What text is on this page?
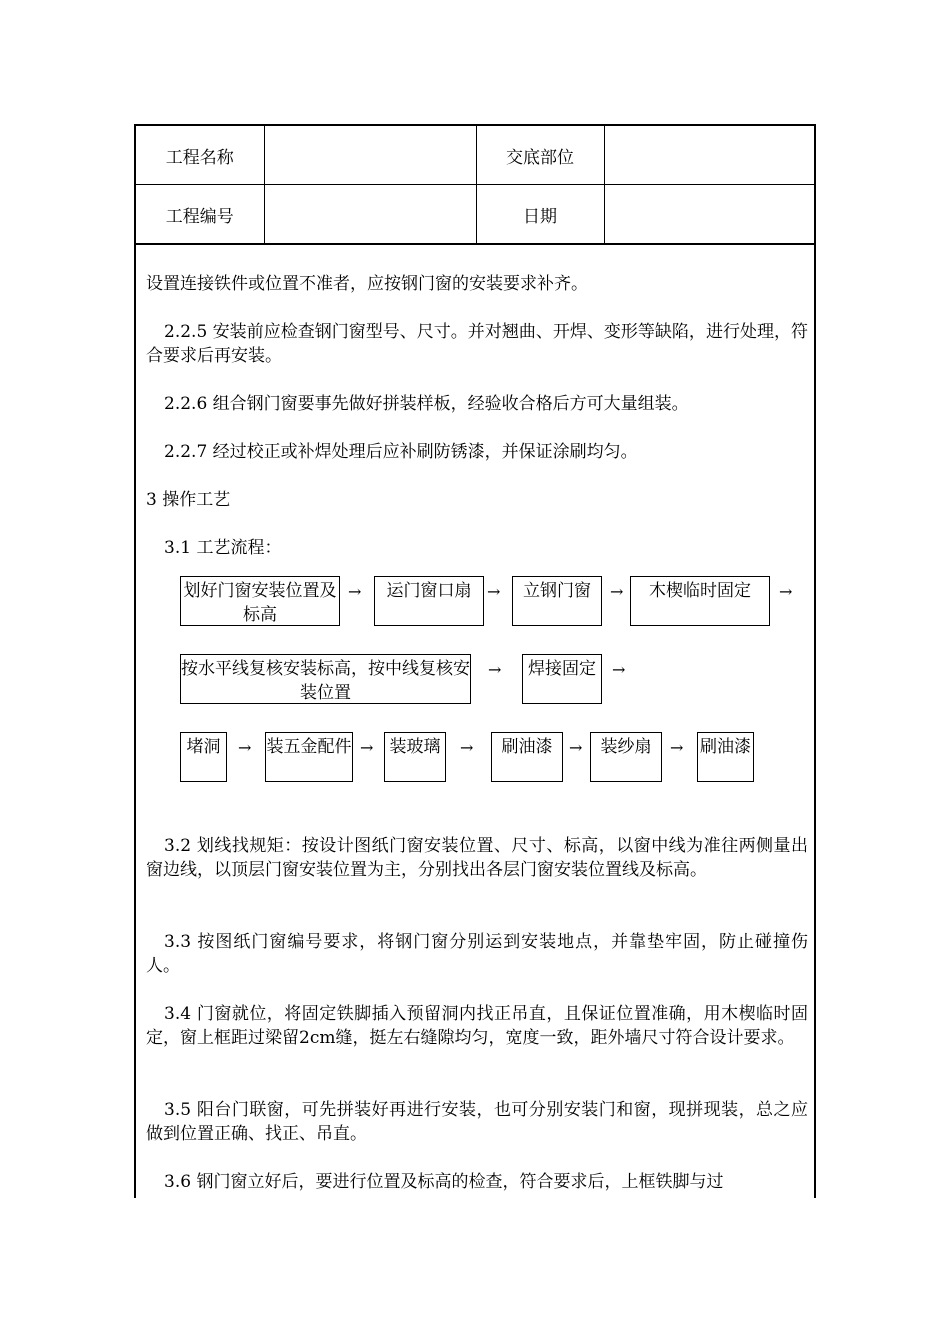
工程名称		交底部位	
工程编号		日期	

设置连接铁件或位置不准者，应按钢门窗的安装要求补齐。

2.2.5 安装前应检查钢门窗型号、尺寸。并对翘曲、开焊、变形等缺陷，进行处理，符合要求后再安装。

2.2.6 组合钢门窗要事先做好拼装样板，经验收合格后方可大量组装。

2.2.7 经过校正或补焊处理后应补刷防锈漆，并保证涂刷均匀。

3 操作工艺

3.1 工艺流程：

划好门窗安装位置及标高
→	运门窗口扇 →	立钢门窗	→	木楔临时固定	→
按水平线复核安装标高，按中线复核安装位置
→	焊接固定	→
堵洞	→ 装五金配件 → 装玻璃	→	刷油漆	→	装纱扇	→ 刷油漆

3.2 划线找规矩：按设计图纸门窗安装位置、尺寸、标高，以窗中线为准往两侧量出窗边线，以顶层门窗安装位置为主，分别找出各层门窗安装位置线及标高。

3.3 按图纸门窗编号要求，将钢门窗分别运到安装地点，并靠垫牢固，防止碰撞伤人。

3.4 门窗就位，将固定铁脚插入预留洞内找正吊直，且保证位置准确，用木楔临时固定，窗上框距过梁留2cm缝，挺左右缝隙均匀，宽度一致，距外墙尺寸符合设计要求。

3.5 阳台门联窗，可先拼装好再进行安装，也可分别安装门和窗，现拼现装，总之应做到位置正确、找正、吊直。

3.6 钢门窗立好后，要进行位置及标高的检查，符合要求后，上框铁脚与过
